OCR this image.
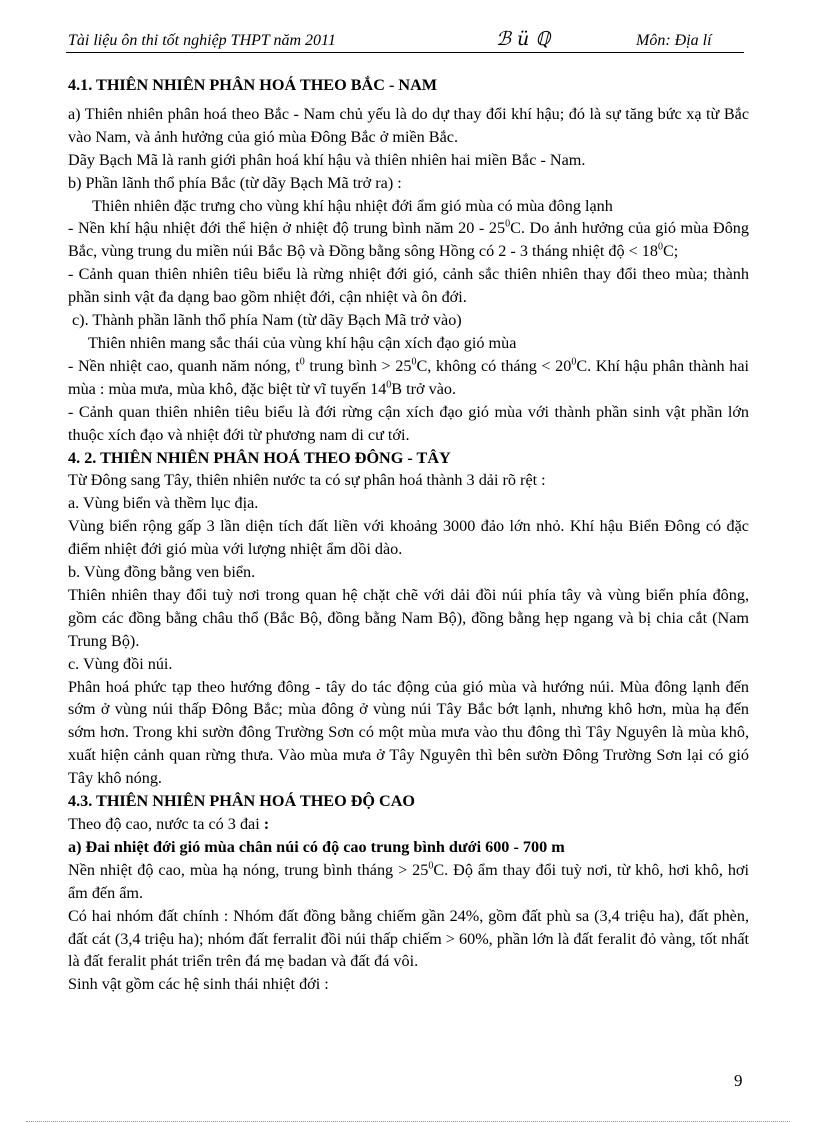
Tài liệu ôn thi tốt nghiệp THPT năm 2011	ℬ ü ℚ	Môn: Địa lí

4.1. THIÊN NHIÊN PHÂN HOÁ THEO BẮC - NAM

a) Thiên nhiên phân hoá theo Bắc - Nam chủ yếu là do dự thay đổi khí hậu; đó là sự tăng bức xạ từ Bắc vào Nam, và ảnh hưởng của gió mùa Đông Bắc ở miền Bắc.

Dãy Bạch Mã là ranh giới phân hoá khí hậu và thiên nhiên hai miền Bắc - Nam.

b) Phần lãnh thổ phía Bắc (từ dãy Bạch Mã trở ra) :

Thiên nhiên đặc trưng cho vùng khí hậu nhiệt đới ẩm gió mùa có mùa đông lạnh

- Nền khí hậu nhiệt đới thể hiện ở nhiệt độ trung bình năm $20 - 25^0C$. Do ảnh hưởng của gió mùa Đông Bắc, vùng trung du miền núi Bắc Bộ và Đồng bằng sông Hồng có 2 - 3 tháng nhiệt độ < $18^0C$;

- Cảnh quan thiên nhiên tiêu biểu là rừng nhiệt đới gió, cảnh sắc thiên nhiên thay đổi theo mùa; thành phần sinh vật đa dạng bao gồm nhiệt đới, cận nhiệt và ôn đới.

c). Thành phần lãnh thổ phía Nam (từ dãy Bạch Mã trở vào)

Thiên nhiên mang sắc thái của vùng khí hậu cận xích đạo gió mùa

- Nền nhiệt cao, quanh năm nóng, $t^0$ trung bình > $25^0C$, không có tháng < $20^0C$. Khí hậu phân thành hai mùa : mùa mưa, mùa khô, đặc biệt từ vĩ tuyến $14^0B$ trở vào.

- Cảnh quan thiên nhiên tiêu biểu là đới rừng cận xích đạo gió mùa với thành phần sinh vật phần lớn thuộc xích đạo và nhiệt đới từ phương nam di cư tới.

4. 2. THIÊN NHIÊN PHÂN HOÁ THEO ĐÔNG - TÂY

Từ Đông sang Tây, thiên nhiên nước ta có sự phân hoá thành 3 dải rõ rệt :

a. Vùng biển và thềm lục địa.

Vùng biển rộng gấp 3 lần diện tích đất liền với khoảng 3000 đảo lớn nhỏ. Khí hậu Biển Đông có đặc điểm nhiệt đới gió mùa với lượng nhiệt ẩm dồi dào.

b. Vùng đồng bằng ven biển.

Thiên nhiên thay đổi tuỳ nơi trong quan hệ chặt chẽ với dải đồi núi phía tây và vùng biển phía đông, gồm các đồng bằng châu thổ (Bắc Bộ, đồng bằng Nam Bộ), đồng bằng hẹp ngang và bị chia cắt (Nam Trung Bộ).

c. Vùng đồi núi.

Phân hoá phức tạp theo hướng đông - tây do tác động của gió mùa và hướng núi. Mùa đông lạnh đến sớm ở vùng núi thấp Đông Bắc; mùa đông ở vùng núi Tây Bắc bớt lạnh, nhưng khô hơn, mùa hạ đến sớm hơn. Trong khi sườn đông Trường Sơn có một mùa mưa vào thu đông thì Tây Nguyên là mùa khô, xuất hiện cảnh quan rừng thưa. Vào mùa mưa ở Tây Nguyên thì bên sườn Đông Trường Sơn lại có gió Tây khô nóng.

4.3. THIÊN NHIÊN PHÂN HOÁ THEO ĐỘ CAO

Theo độ cao, nước ta có 3 đai :

a) Đai nhiệt đới gió mùa chân núi có độ cao trung bình dưới 600 - 700 m

Nền nhiệt độ cao, mùa hạ nóng, trung bình tháng > $25^0C$. Độ ẩm thay đổi tuỳ nơi, từ khô, hơi khô, hơi ẩm đến ẩm.

Có hai nhóm đất chính : Nhóm đất đồng bằng chiếm gần 24%, gồm đất phù sa (3,4 triệu ha), đất phèn, đất cát (3,4 triệu ha); nhóm đất ferralit đồi núi thấp chiếm > 60%, phần lớn là đất feralit đỏ vàng, tốt nhất là đất feralit phát triển trên đá mẹ badan và đất đá vôi.

Sinh vật gồm các hệ sinh thái nhiệt đới :

9
